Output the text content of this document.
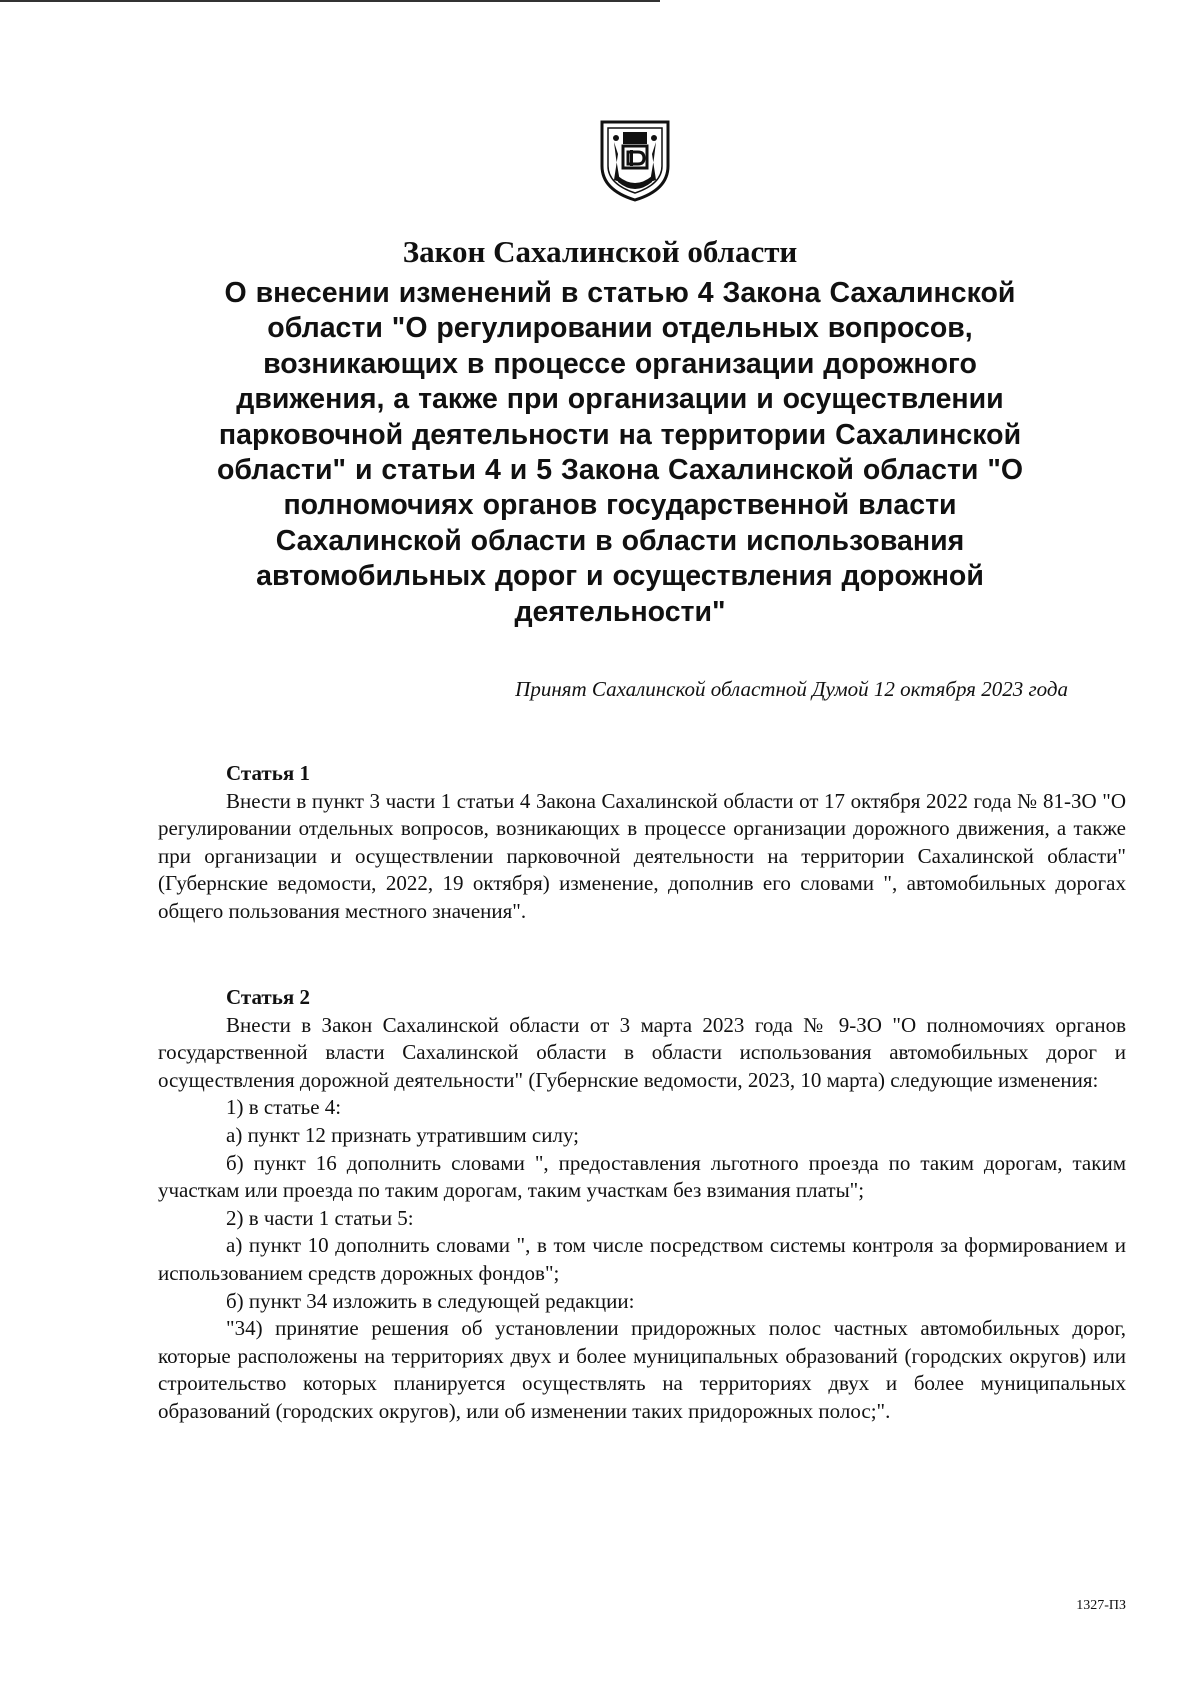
Закон Сахалинской области
О внесении изменений в статью 4 Закона Сахалинской области "О регулировании отдельных вопросов, возникающих в процессе организации дорожного движения, а также при организации и осуществлении парковочной деятельности на территории Сахалинской области" и статьи 4 и 5 Закона Сахалинской области "О полномочиях органов государственной власти Сахалинской области в области использования автомобильных дорог и осуществления дорожной деятельности"
Принят Сахалинской областной Думой 12 октября 2023 года
Статья 1

Внести в пункт 3 части 1 статьи 4 Закона Сахалинской области от 17 октября 2022 года № 81-ЗО "О регулировании отдельных вопросов, возникающих в процессе организации дорожного движения, а также при организации и осуществлении парковочной деятельности на территории Сахалинской области" (Губернские ведомости, 2022, 19 октября) изменение, дополнив его словами ", автомобильных дорогах общего пользования местного значения".

Статья 2

Внести в Закон Сахалинской области от 3 марта 2023 года № 9-ЗО "О полномочиях органов государственной власти Сахалинской области в области использования автомобильных дорог и осуществления дорожной деятельности" (Губернские ведомости, 2023, 10 марта) следующие изменения:

1) в статье 4:

а) пункт 12 признать утратившим силу;

б) пункт 16 дополнить словами ", предоставления льготного проезда по таким дорогам, таким участкам или проезда по таким дорогам, таким участкам без взимания платы";

2) в части 1 статьи 5:

а) пункт 10 дополнить словами ", в том числе посредством системы контроля за формированием и использованием средств дорожных фондов";

б) пункт 34 изложить в следующей редакции:

"34) принятие решения об установлении придорожных полос частных автомобильных дорог, которые расположены на территориях двух и более муниципальных образований (городских округов) или строительство которых планируется осуществлять на территориях двух и более муниципальных образований (городских округов), или об изменении таких придорожных полос;".

1327-ПЗ
